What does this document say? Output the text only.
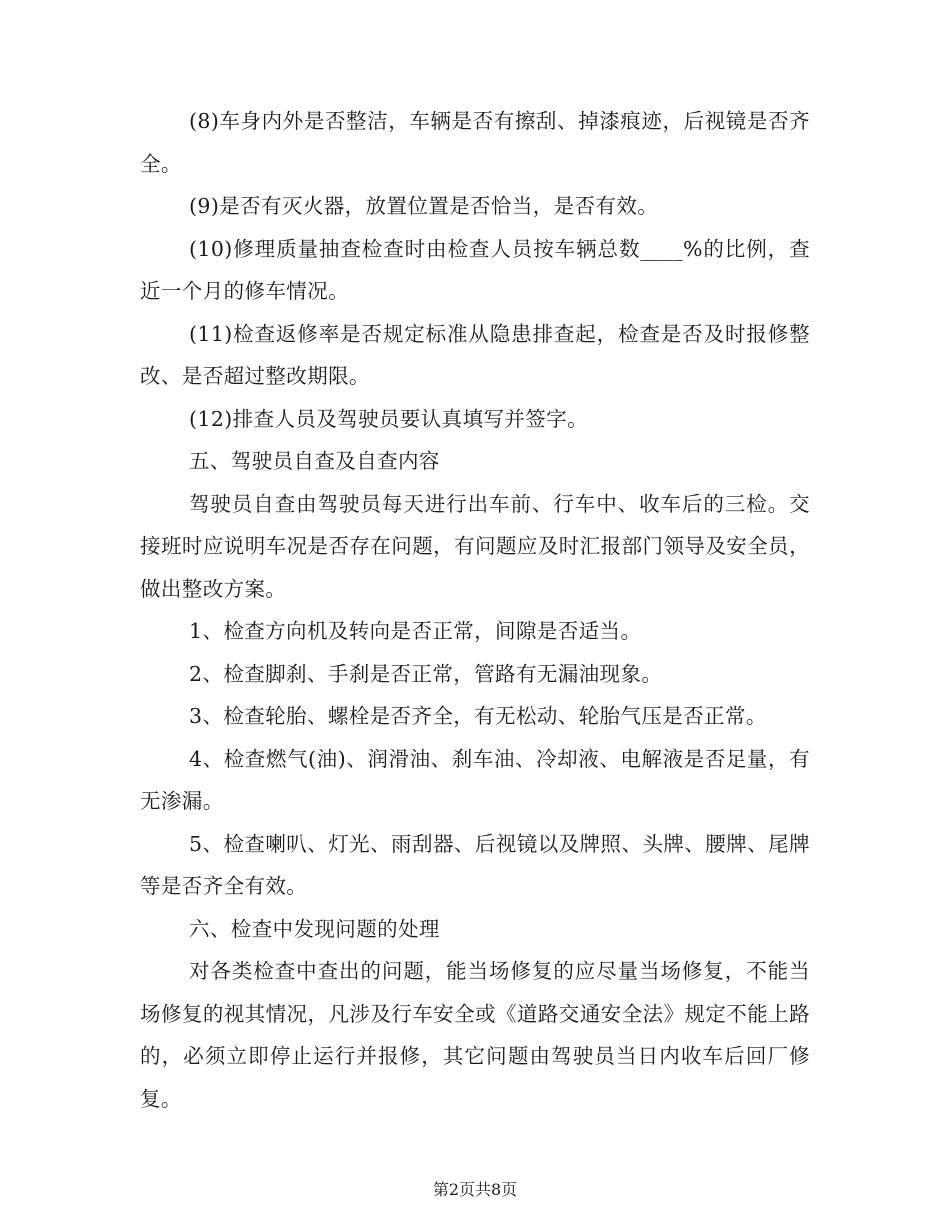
(8)车身内外是否整洁，车辆是否有擦刮、掉漆痕迹，后视镜是否齐全。

(9)是否有灭火器，放置位置是否恰当，是否有效。

(10)修理质量抽查检查时由检查人员按车辆总数____%的比例，查近一个月的修车情况。

(11)检查返修率是否规定标准从隐患排查起，检查是否及时报修整改、是否超过整改期限。

(12)排查人员及驾驶员要认真填写并签字。

五、驾驶员自查及自查内容

驾驶员自查由驾驶员每天进行出车前、行车中、收车后的三检。交接班时应说明车况是否存在问题，有问题应及时汇报部门领导及安全员，做出整改方案。

1、检查方向机及转向是否正常，间隙是否适当。

2、检查脚刹、手刹是否正常，管路有无漏油现象。

3、检查轮胎、螺栓是否齐全，有无松动、轮胎气压是否正常。

4、检查燃气(油)、润滑油、刹车油、冷却液、电解液是否足量，有无渗漏。

5、检查喇叭、灯光、雨刮器、后视镜以及牌照、头牌、腰牌、尾牌等是否齐全有效。

六、检查中发现问题的处理

对各类检查中查出的问题，能当场修复的应尽量当场修复，不能当场修复的视其情况，凡涉及行车安全或《道路交通安全法》规定不能上路的，必须立即停止运行并报修，其它问题由驾驶员当日内收车后回厂修复。

第2页共8页
